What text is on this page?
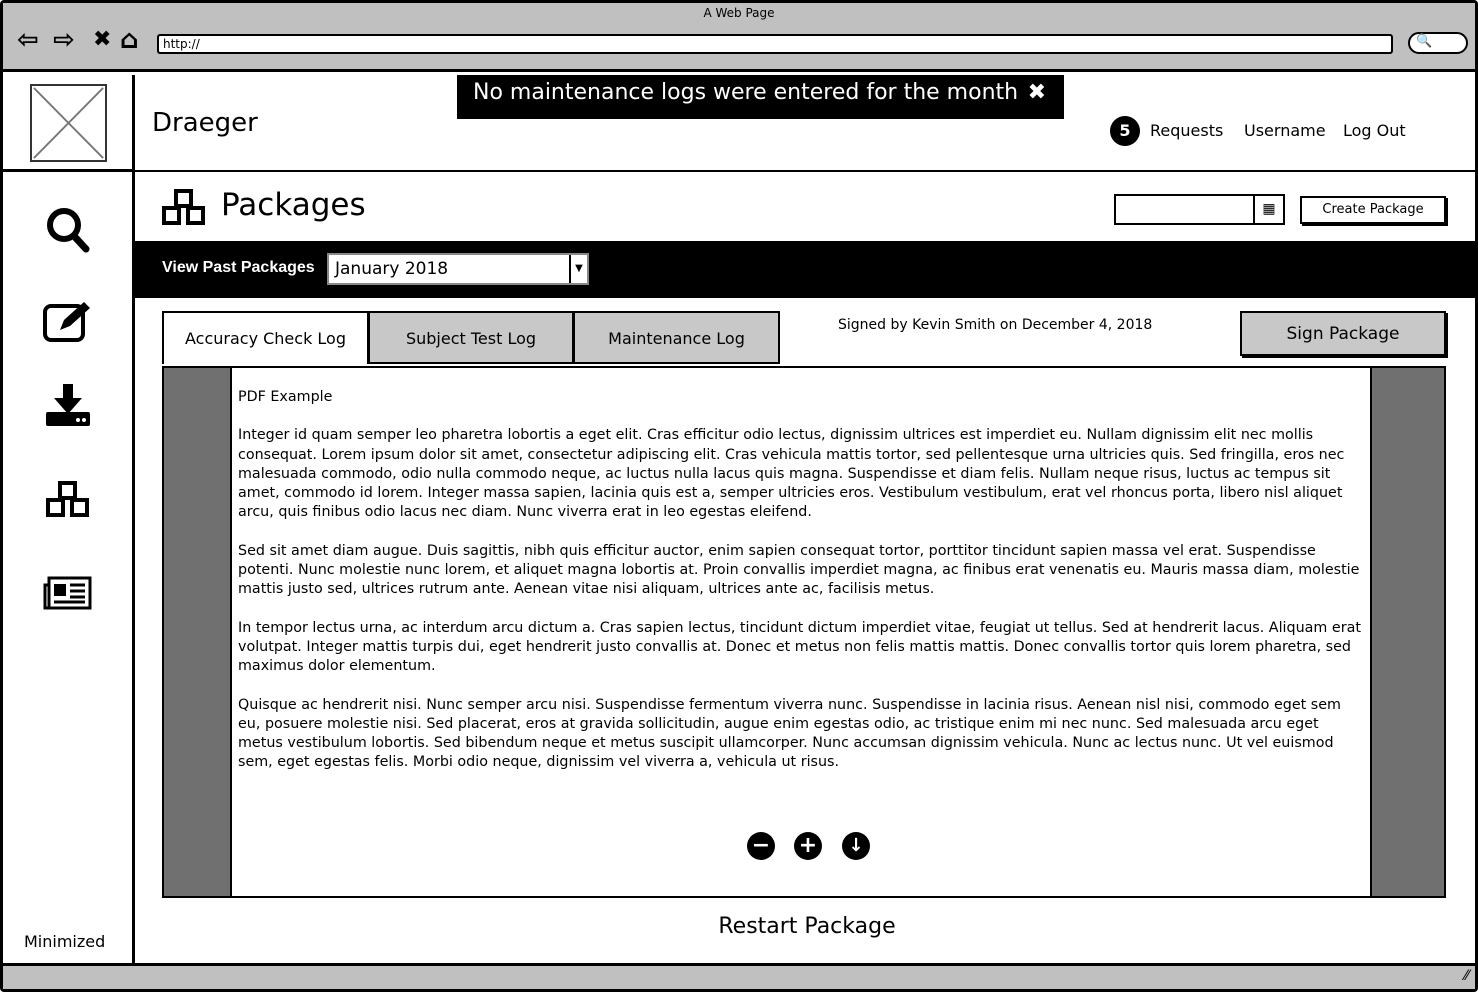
A Web Page
⇦ ⇨ ✖ ⌂	http://	🔍
Minimized
Draeger
No maintenance logs were entered for the month ✖
5	Requests Username Log Out
Packages	▦	Create Package
View Past Packages	January 2018	▼
Accuracy Check Log	Subject Test Log	Maintenance Log
Signed by Kevin Smith on December 4, 2018	Sign Package

PDF Example

Integer id quam semper leo pharetra lobortis a eget elit. Cras efficitur odio lectus, dignissim ultrices est imperdiet eu. Nullam dignissim elit nec mollis consequat. Lorem ipsum dolor sit amet, consectetur adipiscing elit. Cras vehicula mattis tortor, sed pellentesque urna ultricies quis. Sed fringilla, eros nec malesuada commodo, odio nulla commodo neque, ac luctus nulla lacus quis magna. Suspendisse et diam felis. Nullam neque risus, luctus ac tempus sit amet, commodo id lorem. Integer massa sapien, lacinia quis est a, semper ultricies eros. Vestibulum vestibulum, erat vel rhoncus porta, libero nisl aliquet arcu, quis finibus odio lacus nec diam. Nunc viverra erat in leo egestas eleifend.

Sed sit amet diam augue. Duis sagittis, nibh quis efficitur auctor, enim sapien consequat tortor, porttitor tincidunt sapien massa vel erat. Suspendisse potenti. Nunc molestie nunc lorem, et aliquet magna lobortis at. Proin convallis imperdiet magna, ac finibus erat venenatis eu. Mauris massa diam, molestie mattis justo sed, ultrices rutrum ante. Aenean vitae nisi aliquam, ultrices ante ac, facilisis metus.

In tempor lectus urna, ac interdum arcu dictum a. Cras sapien lectus, tincidunt dictum imperdiet vitae, feugiat ut tellus. Sed at hendrerit lacus. Aliquam erat volutpat. Integer mattis turpis dui, eget hendrerit justo convallis at. Donec et metus non felis mattis mattis. Donec convallis tortor quis lorem pharetra, sed maximus dolor elementum.

Quisque ac hendrerit nisi. Nunc semper arcu nisi. Suspendisse fermentum viverra nunc. Suspendisse in lacinia risus. Aenean nisl nisi, commodo eget sem eu, posuere molestie nisi. Sed placerat, eros at gravida sollicitudin, augue enim egestas odio, ac tristique enim mi nec nunc. Sed malesuada arcu eget metus vestibulum lobortis. Sed bibendum neque et metus suscipit ullamcorper. Nunc accumsan dignissim vehicula. Nunc ac lectus nunc. Ut vel euismod sem, eget egestas felis. Morbi odio neque, dignissim vel viverra a, vehicula ut risus.

− +	↓
Restart Package
⁄⁄
